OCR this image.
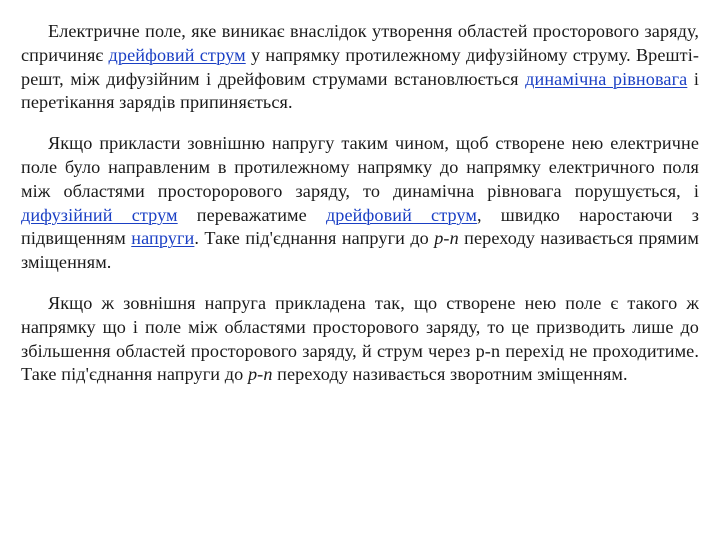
Електричне поле, яке виникає внаслідок утворення областей просторового заряду, спричиняє дрейфовий струм у напрямку протилежному дифузійному струму. Врешті-решт, між дифузійним і дрейфовим струмами встановлюється динамічна рівновага і перетікання зарядів припиняється.

Якщо прикласти зовнішню напругу таким чином, щоб створене нею електричне поле було направленим в протилежному напрямку до напрямку електричного поля між областями просторорового заряду, то динамічна рівновага порушується, і дифузійний струм переважатиме дрейфовий струм, швидко наростаючи з підвищенням напруги. Таке під'єднання напруги до p-n переходу називається прямим зміщенням.

Якщо ж зовнішня напруга прикладена так, що створене нею поле є такого ж напрямку що і поле між областями просторового заряду, то це призводить лише до збільшення областей просторового заряду, й струм через p-n перехід не проходитиме. Таке під'єднання напруги до p-n переходу називається зворотним зміщенням.
